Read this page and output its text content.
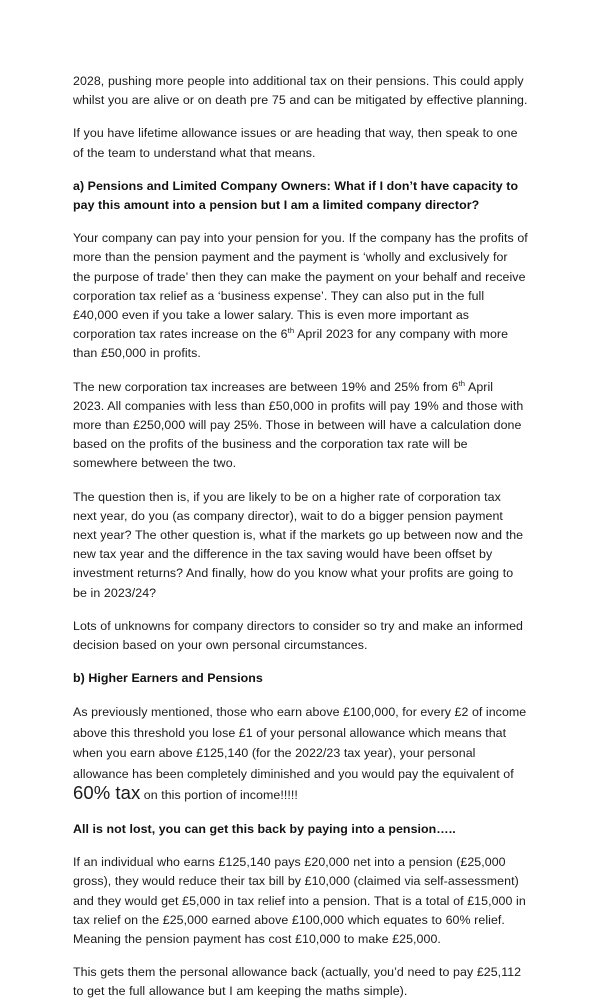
2028, pushing more people into additional tax on their pensions. This could apply whilst you are alive or on death pre 75 and can be mitigated by effective planning.

If you have lifetime allowance issues or are heading that way, then speak to one of the team to understand what that means.

a) Pensions and Limited Company Owners: What if I don’t have capacity to pay this amount into a pension but I am a limited company director?

Your company can pay into your pension for you. If the company has the profits of more than the pension payment and the payment is ‘wholly and exclusively for the purpose of trade’ then they can make the payment on your behalf and receive corporation tax relief as a ‘business expense’. They can also put in the full £40,000 even if you take a lower salary. This is even more important as corporation tax rates increase on the 6th April 2023 for any company with more than £50,000 in profits.

The new corporation tax increases are between 19% and 25% from 6th April 2023. All companies with less than £50,000 in profits will pay 19% and those with more than £250,000 will pay 25%. Those in between will have a calculation done based on the profits of the business and the corporation tax rate will be somewhere between the two.

The question then is, if you are likely to be on a higher rate of corporation tax next year, do you (as company director), wait to do a bigger pension payment next year? The other question is, what if the markets go up between now and the new tax year and the difference in the tax saving would have been offset by investment returns? And finally, how do you know what your profits are going to be in 2023/24?

Lots of unknowns for company directors to consider so try and make an informed decision based on your own personal circumstances.

b) Higher Earners and Pensions

As previously mentioned, those who earn above £100,000, for every £2 of income above this threshold you lose £1 of your personal allowance which means that when you earn above £125,140 (for the 2022/23 tax year), your personal allowance has been completely diminished and you would pay the equivalent of 60% tax on this portion of income!!!!!

All is not lost, you can get this back by paying into a pension…..

If an individual who earns £125,140 pays £20,000 net into a pension (£25,000 gross), they would reduce their tax bill by £10,000 (claimed via self-assessment) and they would get £5,000 in tax relief into a pension. That is a total of £15,000 in tax relief on the £25,000 earned above £100,000 which equates to 60% relief. Meaning the pension payment has cost £10,000 to make £25,000.

This gets them the personal allowance back (actually, you’d need to pay £25,112 to get the full allowance but I am keeping the maths simple).
